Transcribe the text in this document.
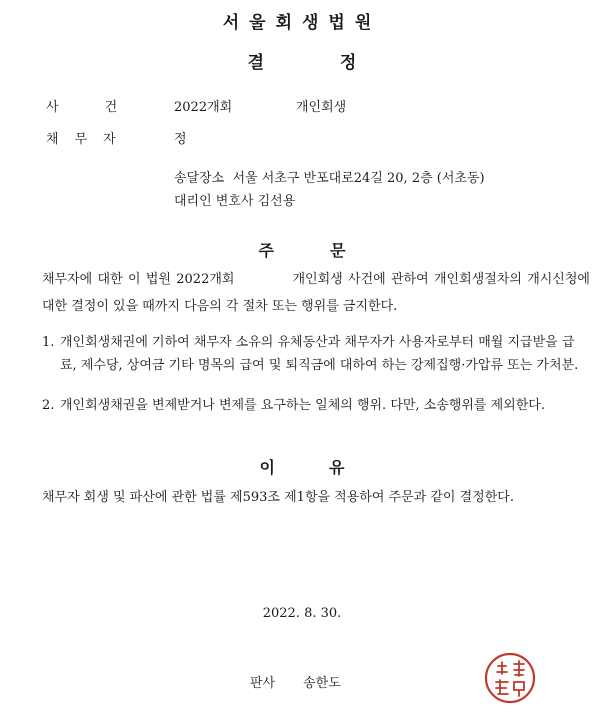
서울회생법원
결	정
사	건	2022개회	개인회생
채 무 자	정
송달장소  서울 서초구 반포대로24길 20, 2층 (서초동)
대리인 변호사 김선용
주	문
채무자에 대한 이 법원 2022개회	개인회생 사건에 관하여 개인회생절차의 개시신청에 대한 결정이 있을 때까지 다음의 각 절차 또는 행위를 금지한다.
1. 개인회생채권에 기하여 채무자 소유의 유체동산과 채무자가 사용자로부터 매월 지급받을 급료, 제수당, 상여금 기타 명목의 급여 및 퇴직금에 대하여 하는 강제집행·가압류 또는 가처분.
2. 개인회생채권을 변제받거나 변제를 요구하는 일체의 행위. 다만, 소송행위를 제외한다.
이	유
채무자 회생 및 파산에 관한 법률 제593조 제1항을 적용하여 주문과 같이 결정한다.
2022. 8. 30.
판사 송한도
